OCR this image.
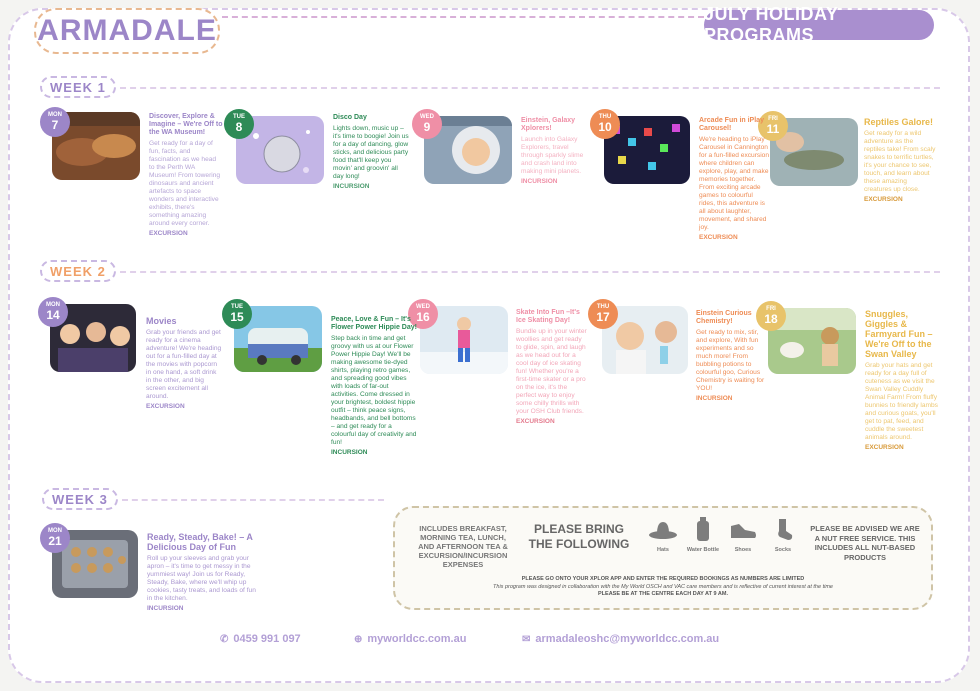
ARMADALE	JULY HOLIDAY PROGRAMS
WEEK 1
WEEK 2
WEEK 3
MON
7
TUE
8
WED
9
THU
10
FRI
11
MON
14
TUE
15
WED
16
THU
17
FRI
18
MON
21
Discover, Explore & Imagine – We're Off to the WA Museum!
Get ready for a day of fun, facts, and fascination as we head to the Perth WA Museum! From towering dinosaurs and ancient artefacts to space wonders and interactive exhibits, there's something amazing around every corner.
EXCURSION
Disco Day
Lights down, music up – it's time to boogie! Join us for a day of dancing, glow sticks, and delicious party food that'll keep you movin' and groovin' all day long!
INCURSION
Einstein, Galaxy Xplorers!
Launch into Galaxy Explorers, travel through sparkly slime and crash land into making mini planets.
INCURSION
Arcade Fun in iPlay Carousel!
We're heading to iPlay Carousel in Cannington for a fun-filled excursion where children can explore, play, and make memories together. From exciting arcade games to colourful rides, this adventure is all about laughter, movement, and shared joy.
EXCURSION
Reptiles Galore!
Get ready for a wild adventure as the reptiles take! From scaly snakes to terrific turtles, it's your chance to see, touch, and learn about these amazing creatures up close.
EXCURSION
Movies
Grab your friends and get ready for a cinema adventure! We're heading out for a fun-filled day at the movies with popcorn in one hand, a soft drink in the other, and big screen excitement all around.
EXCURSION
Peace, Love & Fun – It's Flower Power Hippie Day!
Step back in time and get groovy with us at our Flower Power Hippie Day! We'll be making awesome tie-dyed shirts, playing retro games, and spreading good vibes with loads of far-out activities. Come dressed in your brightest, boldest hippie outfit – think peace signs, headbands, and bell bottoms – and get ready for a colourful day of creativity and fun!
INCURSION
Skate Into Fun –It's Ice Skating Day!
Bundle up in your winter woollies and get ready to glide, spin, and laugh as we head out for a cool day of ice skating fun! Whether you're a first-time skater or a pro on the ice, it's the perfect way to enjoy some chilly thrills with your OSH Club friends.
EXCURSION
Einstein Curious Chemistry!
Get ready to mix, stir, and explore, With fun experiments and so much more! From bubbling potions to colourful goo, Curious Chemistry is waiting for YOU!
INCURSION
Snuggles, Giggles & Farmyard Fun – We're Off to the Swan Valley
Grab your hats and get ready for a day full of cuteness as we visit the Swan Valley Cuddly Animal Farm! From fluffy bunnies to friendly lambs and curious goats, you'll get to pat, feed, and cuddle the sweetest animals around.
EXCURSION
Ready, Steady, Bake! – A Delicious Day of Fun
Roll up your sleeves and grab your apron – it's time to get messy in the yummiest way! Join us for Ready, Steady, Bake, where we'll whip up cookies, tasty treats, and loads of fun in the kitchen.
INCURSION
INCLUDES BREAKFAST, MORNING TEA, LUNCH, AND AFTERNOON TEA & EXCURSION/INCURSION EXPENSES
PLEASE BRING THE FOLLOWING	Hats	Water Bottle	Shoes	Socks
PLEASE BE ADVISED WE ARE A NUT FREE SERVICE. THIS INCLUDES ALL NUT-BASED PRODUCTS
PLEASE GO ONTO YOUR XPLOR APP AND ENTER THE REQUIRED BOOKINGS AS NUMBERS ARE LIMITED
This program was designed in collaboration with the My World OSCH and VAC care members and is reflective of current interest at the time
PLEASE BE AT THE CENTRE EACH DAY AT 9 AM.
✆ 0459 991 097	⊕ myworldcc.com.au	✉ armadaleoshc@myworldcc.com.au
